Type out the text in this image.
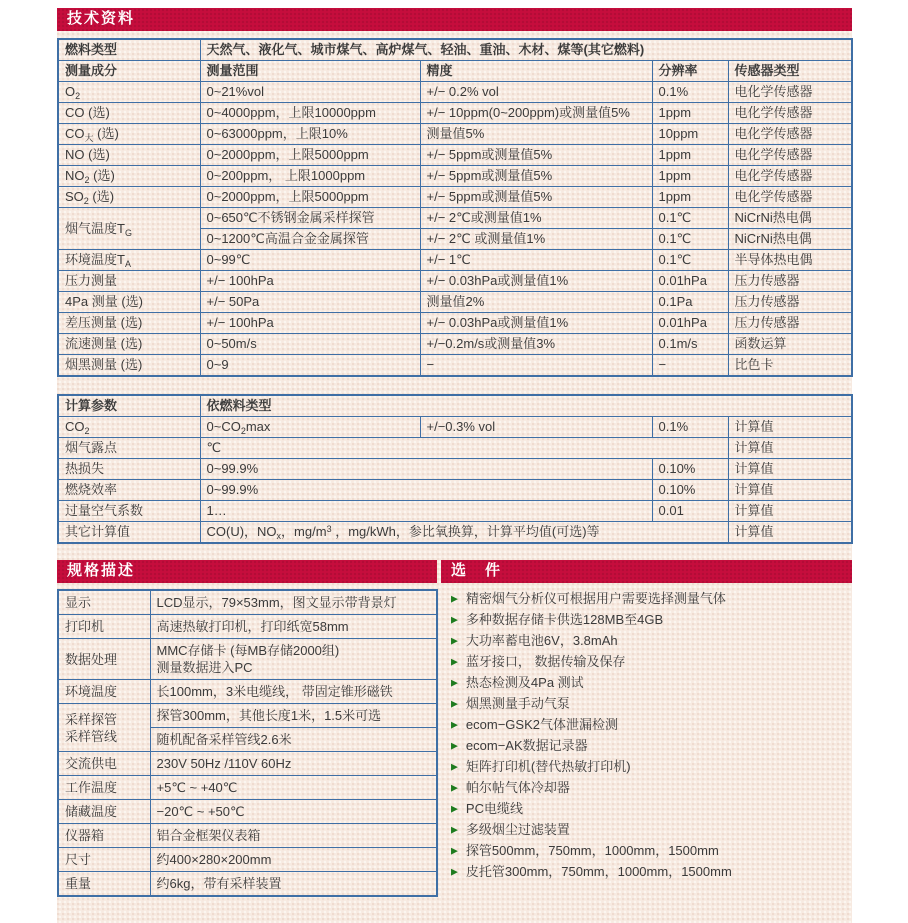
技术资料
燃料类型	天然气、液化气、城市煤气、高炉煤气、轻油、重油、木材、煤等(其它燃料)			
测量成分	测量范围	精度	分辨率	传感器类型
$O_2$	0~21%vol	+/− 0.2% vol	0.1%	电化学传感器
CO (选)	0~4000ppm，上限10000ppm	+/− 10ppm(0~200ppm)或测量值5%	1ppm	电化学传感器
$CO_大$ (选)	0~63000ppm，上限10%	测量值5%	10ppm	电化学传感器
NO (选)	0~2000ppm，上限5000ppm	+/− 5ppm或测量值5%	1ppm	电化学传感器
$NO_2$ (选)	0~200ppm， 上限1000ppm	+/− 5ppm或测量值5%	1ppm	电化学传感器
$SO_2$ (选)	0~2000ppm，上限5000ppm	+/− 5ppm或测量值5%	1ppm	电化学传感器
烟气温度$T_G$	0~650℃不锈钢金属采样探管	+/− 2℃或测量值1%	0.1℃	NiCrNi热电偶
	0~1200℃高温合金金属探管	+/− 2℃ 或测量值1%	0.1℃	NiCrNi热电偶
环境温度$T_A$	0~99℃	+/− 1℃	0.1℃	半导体热电偶
压力测量	+/− 100hPa	+/− 0.03hPa或测量值1%	0.01hPa	压力传感器
4Pa 测量 (选)	+/− 50Pa	测量值2%	0.1Pa	压力传感器
差压测量 (选)	+/− 100hPa	+/− 0.03hPa或测量值1%	0.01hPa	压力传感器
流速测量 (选)	0~50m/s	+/−0.2m/s或测量值3%	0.1m/s	函数运算
烟黑测量 (选)	0~9	−	−	比色卡
计算参数	依燃料类型			
$CO_2$	$0\sim CO_2\max$	+/−0.3% vol	0.1%	计算值
烟气露点	℃			计算值
热损失	0~99.9%		0.10%	计算值
燃烧效率	0~99.9%		0.10%	计算值
过量空气系数	1…		0.01	计算值
其它计算值	CO(U)，$NO_x$，$mg/m^3$ ，mg/kWh，参比氧换算，计算平均值(可选)等			计算值
规格描述
显示	LCD显示，79×53mm，图文显示带背景灯
打印机	高速热敏打印机，打印纸宽58mm
数据处理	MMC存储卡 (每MB存储2000组)
测量数据进入PC
环境温度	长100mm，3米电缆线， 带固定锥形磁铁
采样探管
采样管线	探管300mm，其他长度1米，1.5米可选
	随机配备采样管线2.6米
交流供电	230V 50Hz /110V 60Hz
工作温度	+5℃ ~ +40℃
储藏温度	−20℃ ~ +50℃
仪器箱	铝合金框架仪表箱
尺寸	约400×280×200mm
重量	约6kg，带有采样装置
选　件
▶ 精密烟气分析仪可根据用户需要选择测量气体
▶ 多种数据存储卡供选128MB至4GB
▶ 大功率蓄电池6V，3.8mAh
▶ 蓝牙接口， 数据传输及保存
▶ 热态检测及4Pa 测试
▶ 烟黑测量手动气泵
▶ ecom−GSK2气体泄漏检测
▶ ecom−AK数据记录器
▶ 矩阵打印机(替代热敏打印机)
▶ 帕尔帖气体冷却器
▶ PC电缆线
▶ 多级烟尘过滤装置
▶ 探管500mm，750mm，1000mm，1500mm
▶ 皮托管300mm，750mm，1000mm，1500mm
